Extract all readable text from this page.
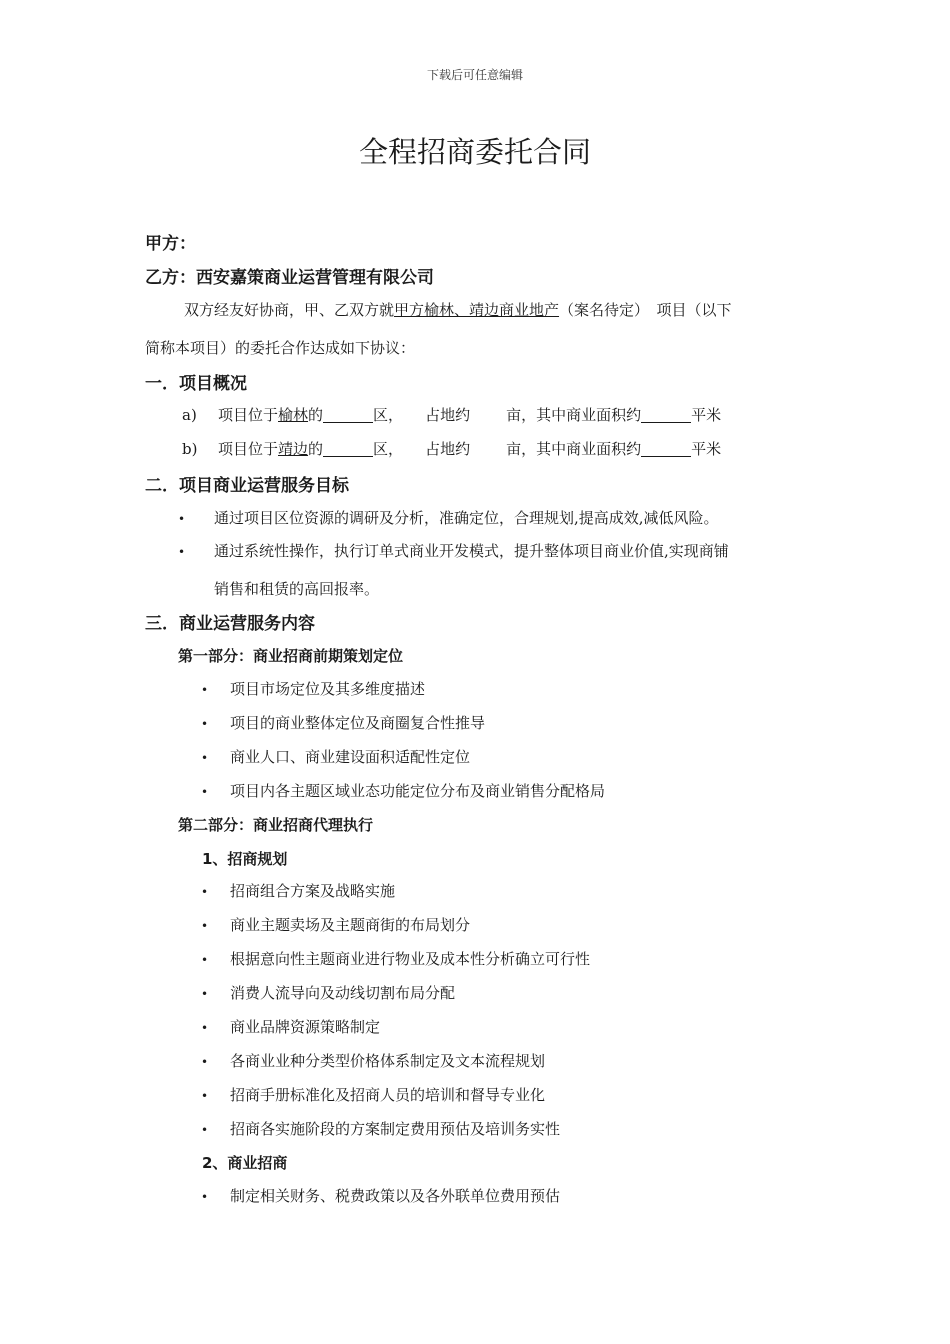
下载后可任意编辑
全程招商委托合同
甲方：
乙方：西安嘉策商业运营管理有限公司
双方经友好协商，甲、乙双方就甲方榆林、靖边商业地产（案名待定）　项目（以下
简称本项目）的委托合作达成如下协议：
一．项目概况
a) 项目位于榆林的	区， 占地约 亩，其中商业面积约	平米
b) 项目位于靖边的	区， 占地约 亩，其中商业面积约	平米
二．项目商业运营服务目标
• 通过项目区位资源的调研及分析，准确定位，合理规划,提高成效,减低风险。
• 通过系统性操作，执行订单式商业开发模式，提升整体项目商业价值,实现商铺
销售和租赁的高回报率。
三．商业运营服务内容
第一部分：商业招商前期策划定位
• 项目市场定位及其多维度描述
• 项目的商业整体定位及商圈复合性推导
• 商业人口、商业建设面积适配性定位
• 项目内各主题区域业态功能定位分布及商业销售分配格局
第二部分：商业招商代理执行
1、招商规划
• 招商组合方案及战略实施
• 商业主题卖场及主题商街的布局划分
• 根据意向性主题商业进行物业及成本性分析确立可行性
• 消费人流导向及动线切割布局分配
• 商业品牌资源策略制定
• 各商业业种分类型价格体系制定及文本流程规划
• 招商手册标准化及招商人员的培训和督导专业化
• 招商各实施阶段的方案制定费用预估及培训务实性
2、商业招商
• 制定相关财务、税费政策以及各外联单位费用预估
